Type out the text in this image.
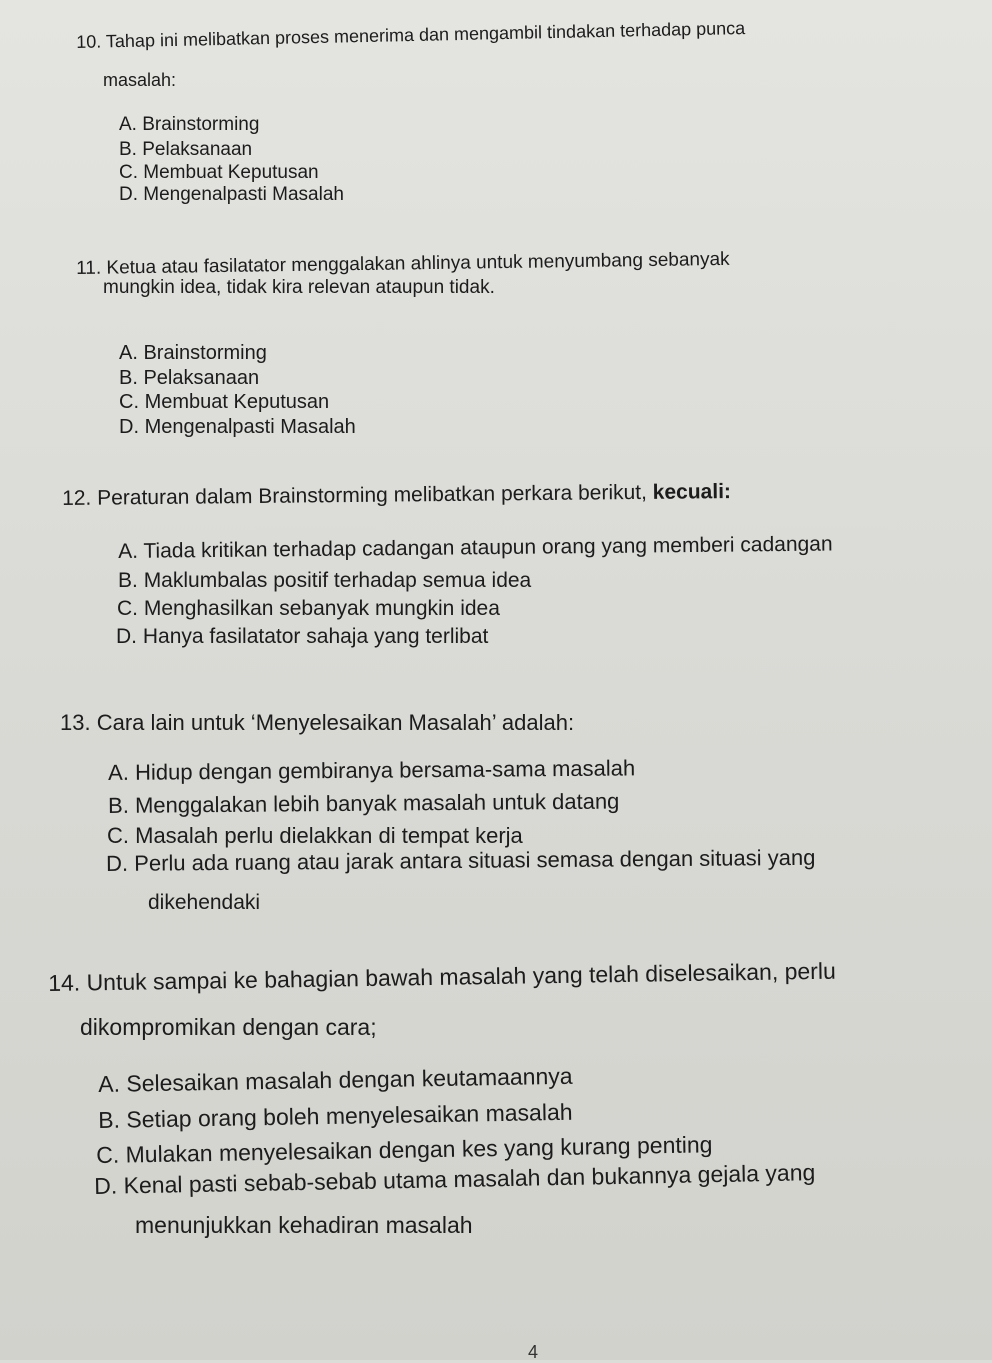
10. Tahap ini melibatkan proses menerima dan mengambil tindakan terhadap punca
masalah:
A. Brainstorming
B. Pelaksanaan
C. Membuat Keputusan
D. Mengenalpasti Masalah
11. Ketua atau fasilatator menggalakan ahlinya untuk menyumbang sebanyak
mungkin idea, tidak kira relevan ataupun tidak.
A. Brainstorming
B. Pelaksanaan
C. Membuat Keputusan
D. Mengenalpasti Masalah
12. Peraturan dalam Brainstorming melibatkan perkara berikut, kecuali:
A. Tiada kritikan terhadap cadangan ataupun orang yang memberi cadangan
B. Maklumbalas positif terhadap semua idea
C. Menghasilkan sebanyak mungkin idea
D. Hanya fasilatator sahaja yang terlibat
13. Cara lain untuk ‘Menyelesaikan Masalah’ adalah:
A. Hidup dengan gembiranya bersama-sama masalah
B. Menggalakan lebih banyak masalah untuk datang
C. Masalah perlu dielakkan di tempat kerja
D. Perlu ada ruang atau jarak antara situasi semasa dengan situasi yang
dikehendaki
14. Untuk sampai ke bahagian bawah masalah yang telah diselesaikan, perlu
dikompromikan dengan cara;
A. Selesaikan masalah dengan keutamaannya
B. Setiap orang boleh menyelesaikan masalah
C. Mulakan menyelesaikan dengan kes yang kurang penting
D. Kenal pasti sebab-sebab utama masalah dan bukannya gejala yang
menunjukkan kehadiran masalah
4
